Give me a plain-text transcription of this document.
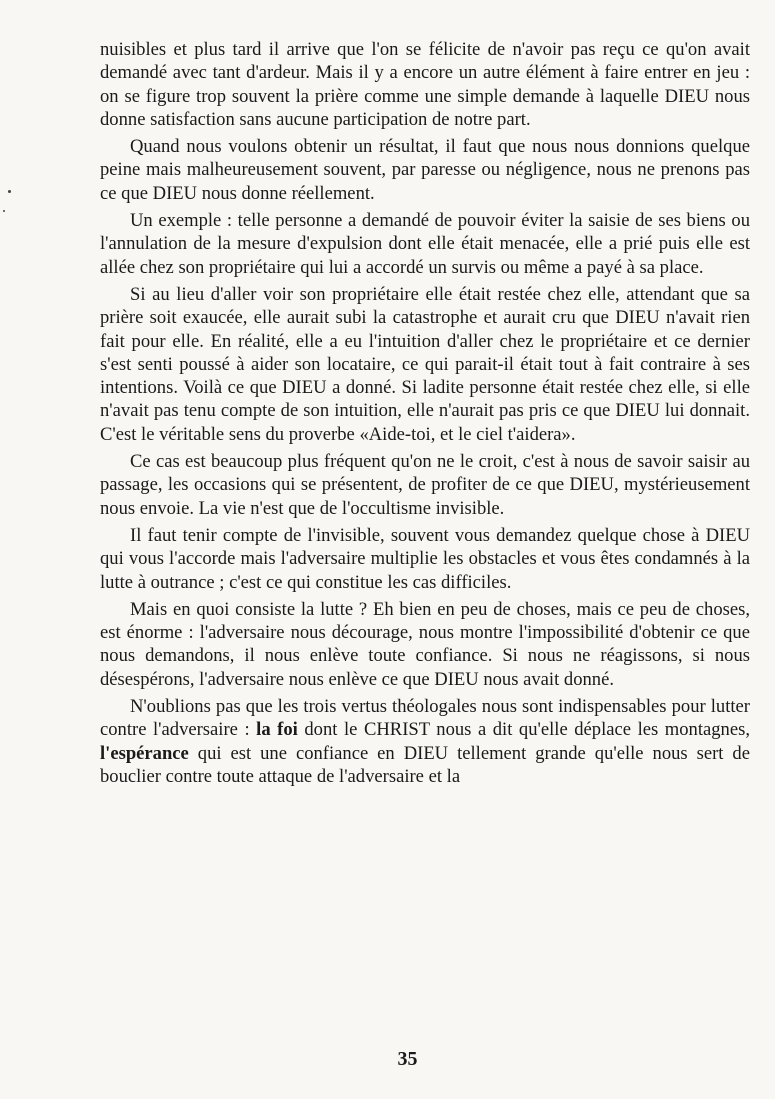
nuisibles et plus tard il arrive que l'on se félicite de n'avoir pas reçu ce qu'on avait demandé avec tant d'ardeur. Mais il y a encore un autre élément à faire entrer en jeu : on se figure trop souvent la prière comme une simple demande à laquelle DIEU nous donne satisfaction sans aucune participation de notre part.

Quand nous voulons obtenir un résultat, il faut que nous nous donnions quelque peine mais malheureusement souvent, par paresse ou négligence, nous ne prenons pas ce que DIEU nous donne réellement.

Un exemple : telle personne a demandé de pouvoir éviter la saisie de ses biens ou l'annulation de la mesure d'expulsion dont elle était menacée, elle a prié puis elle est allée chez son propriétaire qui lui a accordé un survis ou même a payé à sa place.

Si au lieu d'aller voir son propriétaire elle était restée chez elle, attendant que sa prière soit exaucée, elle aurait subi la catastrophe et aurait cru que DIEU n'avait rien fait pour elle. En réalité, elle a eu l'intuition d'aller chez le propriétaire et ce dernier s'est senti poussé à aider son locataire, ce qui parait-il était tout à fait contraire à ses intentions. Voilà ce que DIEU a donné. Si ladite personne était restée chez elle, si elle n'avait pas tenu compte de son intuition, elle n'aurait pas pris ce que DIEU lui donnait. C'est le véritable sens du proverbe «Aide-toi, et le ciel t'aidera».

Ce cas est beaucoup plus fréquent qu'on ne le croit, c'est à nous de savoir saisir au passage, les occasions qui se présentent, de profiter de ce que DIEU, mystérieusement nous envoie. La vie n'est que de l'occultisme invisible.

Il faut tenir compte de l'invisible, souvent vous demandez quelque chose à DIEU qui vous l'accorde mais l'adversaire multiplie les obstacles et vous êtes condamnés à la lutte à outrance ; c'est ce qui constitue les cas difficiles.

Mais en quoi consiste la lutte ? Eh bien en peu de choses, mais ce peu de choses, est énorme : l'adversaire nous décourage, nous montre l'impossibilité d'obtenir ce que nous demandons, il nous enlève toute confiance. Si nous ne réagissons, si nous désespérons, l'adversaire nous enlève ce que DIEU nous avait donné.

N'oublions pas que les trois vertus théologales nous sont indispensables pour lutter contre l'adversaire : la foi dont le CHRIST nous a dit qu'elle déplace les montagnes, l'espérance qui est une confiance en DIEU tellement grande qu'elle nous sert de bouclier contre toute attaque de l'adversaire et la

35
